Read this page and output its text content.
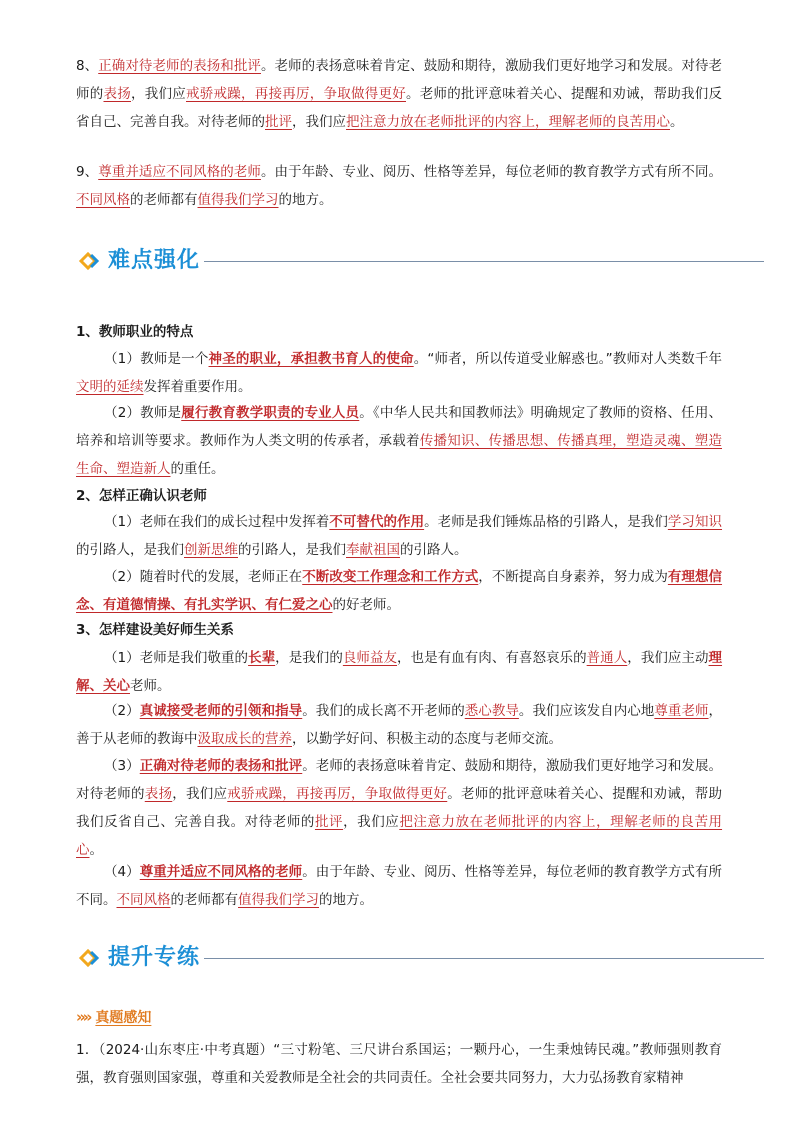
8、正确对待老师的表扬和批评。老师的表扬意味着肯定、鼓励和期待，激励我们更好地学习和发展。对待老师的表扬，我们应戒骄戒躁，再接再厉，争取做得更好。老师的批评意味着关心、提醒和劝诫，帮助我们反省自己、完善自我。对待老师的批评，我们应把注意力放在老师批评的内容上，理解老师的良苦用心。
9、尊重并适应不同风格的老师。由于年龄、专业、阅历、性格等差异，每位老师的教育教学方式有所不同。不同风格的老师都有值得我们学习的地方。
难点强化
1、教师职业的特点
（1）教师是一个神圣的职业，承担教书育人的使命。“师者，所以传道受业解惑也。”教师对人类数千年文明的延续发挥着重要作用。
（2）教师是履行教育教学职责的专业人员。《中华人民共和国教师法》明确规定了教师的资格、任用、培养和培训等要求。教师作为人类文明的传承者，承载着传播知识、传播思想、传播真理，塑造灵魂、塑造生命、塑造新人的重任。
2、怎样正确认识老师
（1）老师在我们的成长过程中发挥着不可替代的作用。老师是我们锤炼品格的引路人，是我们学习知识的引路人，是我们创新思维的引路人，是我们奉献祖国的引路人。
（2）随着时代的发展，老师正在不断改变工作理念和工作方式，不断提高自身素养，努力成为有理想信念、有道德情操、有扎实学识、有仁爱之心的好老师。
3、怎样建设美好师生关系
（1）老师是我们敬重的长辈，是我们的良师益友，也是有血有肉、有喜怒哀乐的普通人，我们应主动理解、关心老师。
（2）真诚接受老师的引领和指导。我们的成长离不开老师的悉心教导。我们应该发自内心地尊重老师，善于从老师的教诲中汲取成长的营养，以勤学好问、积极主动的态度与老师交流。
（3）正确对待老师的表扬和批评。老师的表扬意味着肯定、鼓励和期待，激励我们更好地学习和发展。对待老师的表扬，我们应戒骄戒躁，再接再厉，争取做得更好。老师的批评意味着关心、提醒和劝诫，帮助我们反省自己、完善自我。对待老师的批评，我们应把注意力放在老师批评的内容上，理解老师的良苦用心。
（4）尊重并适应不同风格的老师。由于年龄、专业、阅历、性格等差异，每位老师的教育教学方式有所不同。不同风格的老师都有值得我们学习的地方。
提升专练
»» 真题感知
1．（2024·山东枣庄·中考真题）“三寸粉笔、三尺讲台系国运；一颗丹心，一生秉烛铸民魂。”教师强则教育强，教育强则国家强，尊重和关爱教师是全社会的共同责任。全社会要共同努力，大力弘扬教育家精神
